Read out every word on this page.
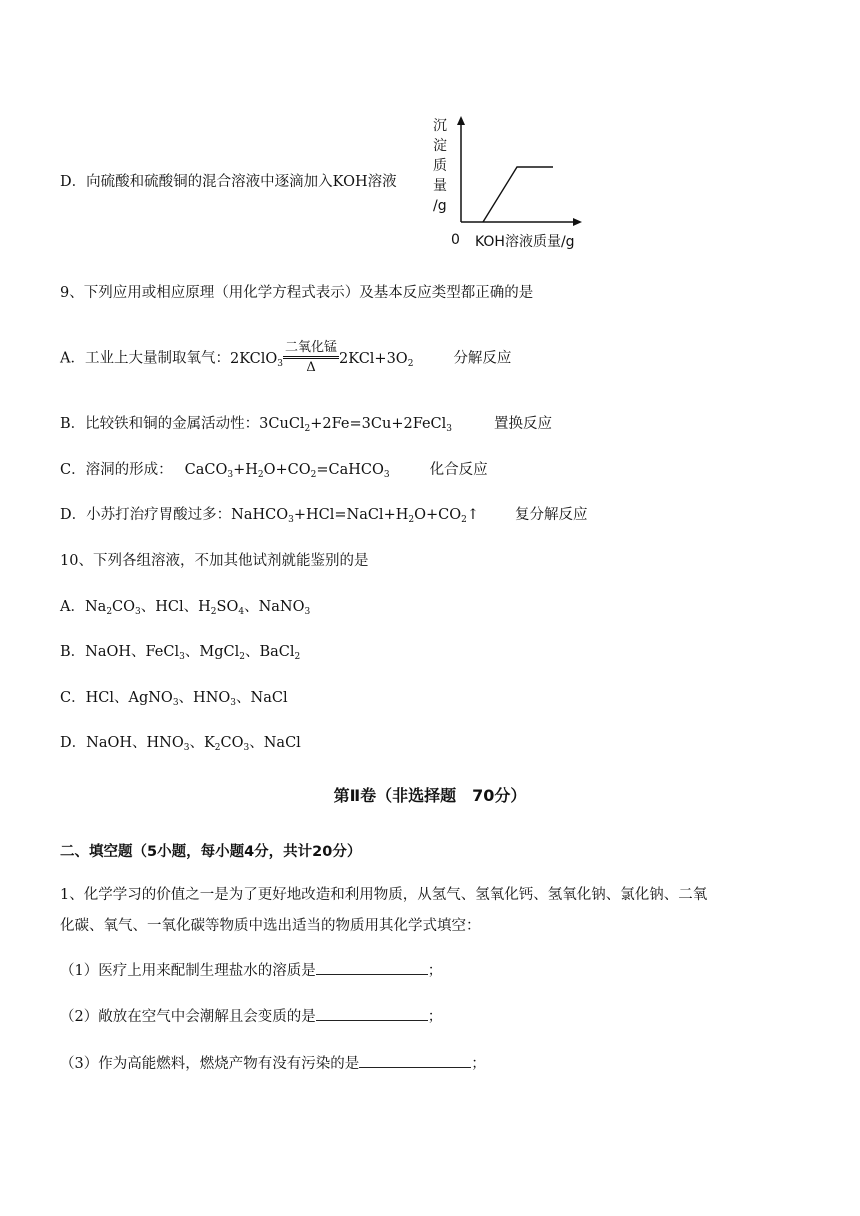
D．向硫酸和硫酸铜的混合溶液中逐滴加入KOH溶液
沉
淀
质
量
/g
0 KOH溶液质量/g
9、下列应用或相应原理（用化学方程式表示）及基本反应类型都正确的是
A．工业上大量制取氧气：2KClO$_3$ $\frac{\text{二氧化锰}}{\Delta} 2KCl+3O_2$	分解反应
B．比较铁和铜的金属活动性：3CuCl$_2$+2Fe=3Cu+2FeCl$_3$	置换反应
C．溶洞的形成： $CaCO_3+H_2O+CO_2=CaHCO_3$	化合反应
D．小苏打治疗胃酸过多：$NaHCO_3+HCl=NaCl+H_2O+CO_2↑$ 复分解反应
10、下列各组溶液，不加其他试剂就能鉴别的是
A．$Na_2CO_3$、HCl、$H_2SO_4$、NaNO$_3$
B．NaOH、FeCl$_3$、MgCl$_2$、BaCl$_2$
C．HCl、AgNO$_3$、$HNO_3$、NaCl
D．NaOH、$HNO_3$、$K_2CO_3$、NaCl
第Ⅱ卷（非选择题　70分）
二、填空题（5小题，每小题4分，共计20分）
1、化学学习的价值之一是为了更好地改造和利用物质，从氢气、氢氧化钙、氢氧化钠、氯化钠、二氧
化碳、氧气、一氧化碳等物质中选出适当的物质用其化学式填空：
（1）医疗上用来配制生理盐水的溶质是	；
（2）敞放在空气中会潮解且会变质的是	；
（3）作为高能燃料，燃烧产物有没有污染的是	；
